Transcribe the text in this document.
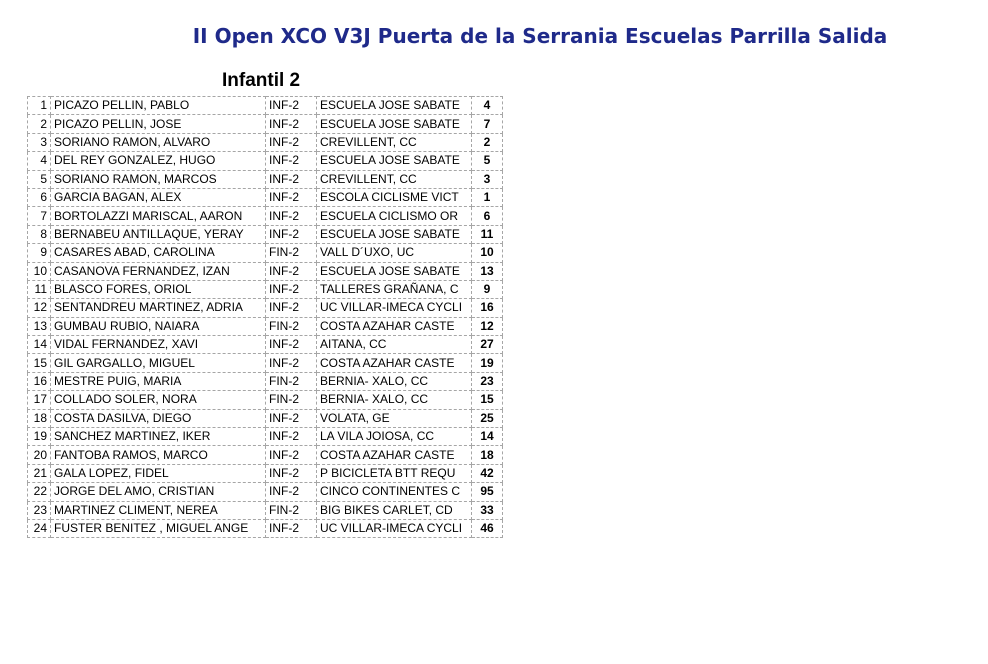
II Open XCO V3J Puerta de la Serrania Escuelas Parrilla Salida
Infantil 2
1	PICAZO PELLIN, PABLO	INF-2	ESCUELA JOSE SABATE	4
2	PICAZO PELLIN, JOSE	INF-2	ESCUELA JOSE SABATE	7
3	SORIANO RAMON, ALVARO	INF-2	CREVILLENT, CC	2
4	DEL REY GONZALEZ, HUGO	INF-2	ESCUELA JOSE SABATE	5
5	SORIANO RAMON, MARCOS	INF-2	CREVILLENT, CC	3
6	GARCIA BAGAN, ALEX	INF-2	ESCOLA CICLISME VICT	1
7	BORTOLAZZI MARISCAL, AARON	INF-2	ESCUELA CICLISMO OR	6
8	BERNABEU ANTILLAQUE, YERAY	INF-2	ESCUELA JOSE SABATE	11
9	CASARES ABAD, CAROLINA	FIN-2	VALL D´UXO, UC	10
10	CASANOVA FERNANDEZ, IZAN	INF-2	ESCUELA JOSE SABATE	13
11	BLASCO FORES, ORIOL	INF-2	TALLERES GRAÑANA, C	9
12	SENTANDREU MARTINEZ, ADRIA	INF-2	UC VILLAR-IMECA CYCLI	16
13	GUMBAU RUBIO, NAIARA	FIN-2	COSTA AZAHAR CASTE	12
14	VIDAL FERNANDEZ, XAVI	INF-2	AITANA, CC	27
15	GIL GARGALLO, MIGUEL	INF-2	COSTA AZAHAR CASTE	19
16	MESTRE PUIG, MARIA	FIN-2	BERNIA- XALO, CC	23
17	COLLADO SOLER, NORA	FIN-2	BERNIA- XALO, CC	15
18	COSTA DASILVA, DIEGO	INF-2	VOLATA, GE	25
19	SANCHEZ MARTINEZ, IKER	INF-2	LA VILA JOIOSA, CC	14
20	FANTOBA RAMOS, MARCO	INF-2	COSTA AZAHAR CASTE	18
21	GALA LOPEZ, FIDEL	INF-2	P BICICLETA BTT REQU	42
22	JORGE DEL AMO, CRISTIAN	INF-2	CINCO CONTINENTES C	95
23	MARTINEZ CLIMENT, NEREA	FIN-2	BIG BIKES CARLET, CD	33
24	FUSTER BENITEZ , MIGUEL ANGE	INF-2	UC VILLAR-IMECA CYCLI	46
